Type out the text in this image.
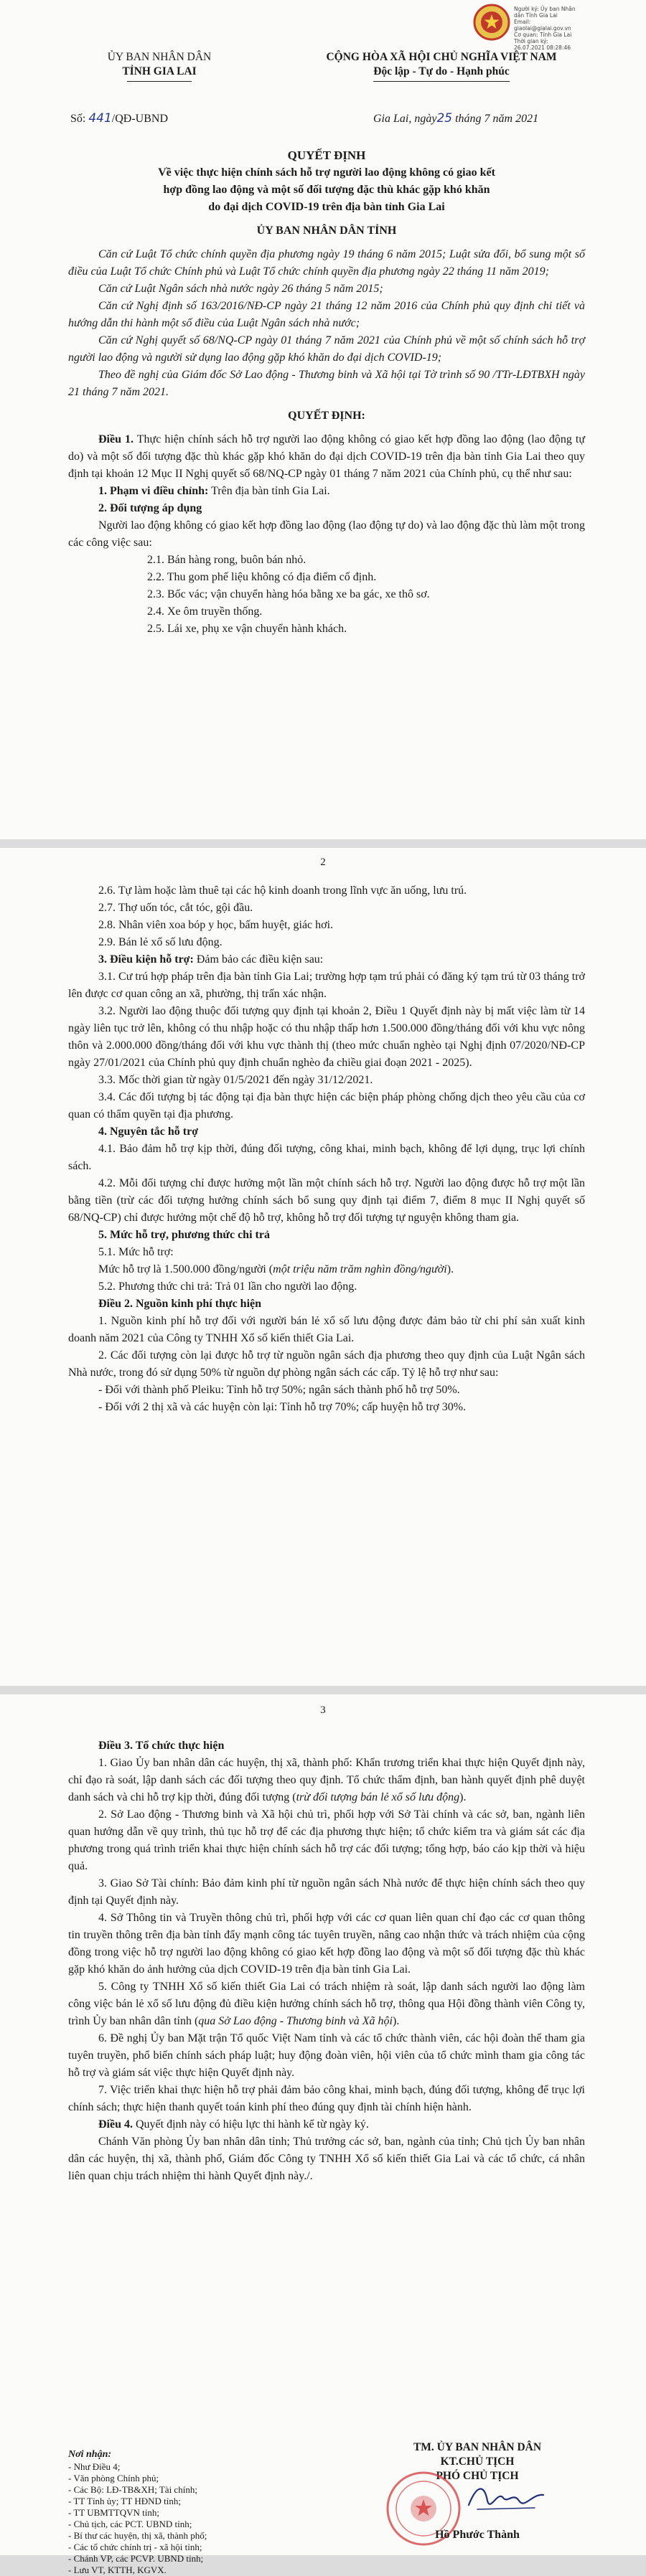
Người ký: Ủy ban Nhân
dân Tỉnh Gia Lai
Email:
giaolai@gialai.gov.vn
Cơ quan: Tỉnh Gia Lai
Thời gian ký:
26.07.2021 08:28:46
ỦY BAN NHÂN DÂN
TỈNH GIA LAI
CỘNG HÒA XÃ HỘI CHỦ NGHĨA VIỆT NAM
Độc lập - Tự do - Hạnh phúc
Số: 441/QĐ-UBND	Gia Lai, ngày25 tháng 7 năm 2021

QUYẾT ĐỊNH

Về việc thực hiện chính sách hỗ trợ người lao động không có giao kết

hợp đồng lao động và một số đối tượng đặc thù khác gặp khó khăn

do đại dịch COVID-19 trên địa bàn tỉnh Gia Lai

ỦY BAN NHÂN DÂN TỈNH

Căn cứ Luật Tổ chức chính quyền địa phương ngày 19 tháng 6 năm 2015; Luật sửa đổi, bổ sung một số điều của Luật Tổ chức Chính phủ và Luật Tổ chức chính quyền địa phương ngày 22 tháng 11 năm 2019;

Căn cứ Luật Ngân sách nhà nước ngày 26 tháng 5 năm 2015;

Căn cứ Nghị định số 163/2016/NĐ-CP ngày 21 tháng 12 năm 2016 của Chính phủ quy định chi tiết và hướng dẫn thi hành một số điều của Luật Ngân sách nhà nước;

Căn cứ Nghị quyết số 68/NQ-CP ngày 01 tháng 7 năm 2021 của Chính phủ về một số chính sách hỗ trợ người lao động và người sử dụng lao động gặp khó khăn do đại dịch COVID-19;

Theo đề nghị của Giám đốc Sở Lao động - Thương binh và Xã hội tại Tờ trình số 90 /TTr-LĐTBXH ngày 21 tháng 7 năm 2021.

QUYẾT ĐỊNH:

Điều 1. Thực hiện chính sách hỗ trợ người lao động không có giao kết hợp đồng lao động (lao động tự do) và một số đối tượng đặc thù khác gặp khó khăn do đại dịch COVID-19 trên địa bàn tỉnh Gia Lai theo quy định tại khoản 12 Mục II Nghị quyết số 68/NQ-CP ngày 01 tháng 7 năm 2021 của Chính phủ, cụ thể như sau:

1. Phạm vi điều chỉnh: Trên địa bàn tỉnh Gia Lai.

2. Đối tượng áp dụng

Người lao động không có giao kết hợp đồng lao động (lao động tự do) và lao động đặc thù làm một trong các công việc sau:

2.1. Bán hàng rong, buôn bán nhỏ.

2.2. Thu gom phế liệu không có địa điểm cố định.

2.3. Bốc vác; vận chuyển hàng hóa bằng xe ba gác, xe thô sơ.

2.4. Xe ôm truyền thống.

2.5. Lái xe, phụ xe vận chuyển hành khách.

2

2.6. Tự làm hoặc làm thuê tại các hộ kinh doanh trong lĩnh vực ăn uống, lưu trú.

2.7. Thợ uốn tóc, cắt tóc, gội đầu.

2.8. Nhân viên xoa bóp y học, bấm huyệt, giác hơi.

2.9. Bán lẻ xổ số lưu động.

3. Điều kiện hỗ trợ: Đảm bảo các điều kiện sau:

3.1. Cư trú hợp pháp trên địa bàn tỉnh Gia Lai; trường hợp tạm trú phải có đăng ký tạm trú từ 03 tháng trở lên được cơ quan công an xã, phường, thị trấn xác nhận.

3.2. Người lao động thuộc đối tượng quy định tại khoản 2, Điều 1 Quyết định này bị mất việc làm từ 14 ngày liên tục trở lên, không có thu nhập hoặc có thu nhập thấp hơn 1.500.000 đồng/tháng đối với khu vực nông thôn và 2.000.000 đồng/tháng đối với khu vực thành thị (theo mức chuẩn nghèo tại Nghị định 07/2020/NĐ-CP ngày 27/01/2021 của Chính phủ quy định chuẩn nghèo đa chiều giai đoạn 2021 - 2025).

3.3. Mốc thời gian từ ngày 01/5/2021 đến ngày 31/12/2021.

3.4. Các đối tượng bị tác động tại địa bàn thực hiện các biện pháp phòng chống dịch theo yêu cầu của cơ quan có thẩm quyền tại địa phương.

4. Nguyên tắc hỗ trợ

4.1. Bảo đảm hỗ trợ kịp thời, đúng đối tượng, công khai, minh bạch, không để lợi dụng, trục lợi chính sách.

4.2. Mỗi đối tượng chỉ được hưởng một lần một chính sách hỗ trợ. Người lao động được hỗ trợ một lần bằng tiền (trừ các đối tượng hưởng chính sách bổ sung quy định tại điểm 7, điểm 8 mục II Nghị quyết số 68/NQ-CP) chỉ được hưởng một chế độ hỗ trợ, không hỗ trợ đối tượng tự nguyện không tham gia.

5. Mức hỗ trợ, phương thức chi trả

5.1. Mức hỗ trợ:

Mức hỗ trợ là 1.500.000 đồng/người (một triệu năm trăm nghìn đồng/người).

5.2. Phương thức chi trả: Trả 01 lần cho người lao động.

Điều 2. Nguồn kinh phí thực hiện

1. Nguồn kinh phí hỗ trợ đối với người bán lẻ xổ số lưu động được đảm bảo từ chi phí sản xuất kinh doanh năm 2021 của Công ty TNHH Xổ số kiến thiết Gia Lai.

2. Các đối tượng còn lại được hỗ trợ từ nguồn ngân sách địa phương theo quy định của Luật Ngân sách Nhà nước, trong đó sử dụng 50% từ nguồn dự phòng ngân sách các cấp. Tỷ lệ hỗ trợ như sau:

- Đối với thành phố Pleiku: Tỉnh hỗ trợ 50%; ngân sách thành phố hỗ trợ 50%.

- Đối với 2 thị xã và các huyện còn lại: Tỉnh hỗ trợ 70%; cấp huyện hỗ trợ 30%.

3

Điều 3. Tổ chức thực hiện

1. Giao Ủy ban nhân dân các huyện, thị xã, thành phố: Khẩn trương triển khai thực hiện Quyết định này, chỉ đạo rà soát, lập danh sách các đối tượng theo quy định. Tổ chức thẩm định, ban hành quyết định phê duyệt danh sách và chi hỗ trợ kịp thời, đúng đối tượng (trừ đối tượng bán lẻ xổ số lưu động).

2. Sở Lao động - Thương binh và Xã hội chủ trì, phối hợp với Sở Tài chính và các sở, ban, ngành liên quan hướng dẫn về quy trình, thủ tục hỗ trợ để các địa phương thực hiện; tổ chức kiểm tra và giám sát các địa phương trong quá trình triển khai thực hiện chính sách hỗ trợ các đối tượng; tổng hợp, báo cáo kịp thời và hiệu quả.

3. Giao Sở Tài chính: Bảo đảm kinh phí từ nguồn ngân sách Nhà nước để thực hiện chính sách theo quy định tại Quyết định này.

4. Sở Thông tin và Truyền thông chủ trì, phối hợp với các cơ quan liên quan chỉ đạo các cơ quan thông tin truyền thông trên địa bàn tỉnh đẩy mạnh công tác tuyên truyền, nâng cao nhận thức và trách nhiệm của cộng đồng trong việc hỗ trợ người lao động không có giao kết hợp đồng lao động và một số đối tượng đặc thù khác gặp khó khăn do ảnh hưởng của dịch COVID-19 trên địa bàn tỉnh Gia Lai.

5. Công ty TNHH Xổ số kiến thiết Gia Lai có trách nhiệm rà soát, lập danh sách người lao động làm công việc bán lẻ xổ số lưu động đủ điều kiện hưởng chính sách hỗ trợ, thông qua Hội đồng thành viên Công ty, trình Ủy ban nhân dân tỉnh (qua Sở Lao động - Thương binh và Xã hội).

6. Đề nghị Ủy ban Mặt trận Tổ quốc Việt Nam tỉnh và các tổ chức thành viên, các hội đoàn thể tham gia tuyên truyền, phổ biến chính sách pháp luật; huy động đoàn viên, hội viên của tổ chức mình tham gia công tác hỗ trợ và giám sát việc thực hiện Quyết định này.

7. Việc triển khai thực hiện hỗ trợ phải đảm bảo công khai, minh bạch, đúng đối tượng, không để trục lợi chính sách; thực hiện thanh quyết toán kinh phí theo đúng quy định tài chính hiện hành.

Điều 4. Quyết định này có hiệu lực thi hành kể từ ngày ký.

Chánh Văn phòng Ủy ban nhân dân tỉnh; Thủ trưởng các sở, ban, ngành của tỉnh; Chủ tịch Ủy ban nhân dân các huyện, thị xã, thành phố, Giám đốc Công ty TNHH Xổ số kiến thiết Gia Lai và các tổ chức, cá nhân liên quan chịu trách nhiệm thi hành Quyết định này./.

Nơi nhận:
- Như Điều 4;
- Văn phòng Chính phủ;
- Các Bộ: LĐ-TB&XH; Tài chính;
- TT Tỉnh ủy; TT HĐND tỉnh;
- TT UBMTTQVN tỉnh;
- Chủ tịch, các PCT. UBND tỉnh;
- Bí thư các huyện, thị xã, thành phố;
- Các tổ chức chính trị - xã hội tỉnh;
- Chánh VP, các PCVP. UBND tỉnh;
- Lưu VT, KTTH, KGVX.
TM. ỦY BAN NHÂN DÂN
KT.CHỦ TỊCH
PHÓ CHỦ TỊCH
Hồ Phước Thành
